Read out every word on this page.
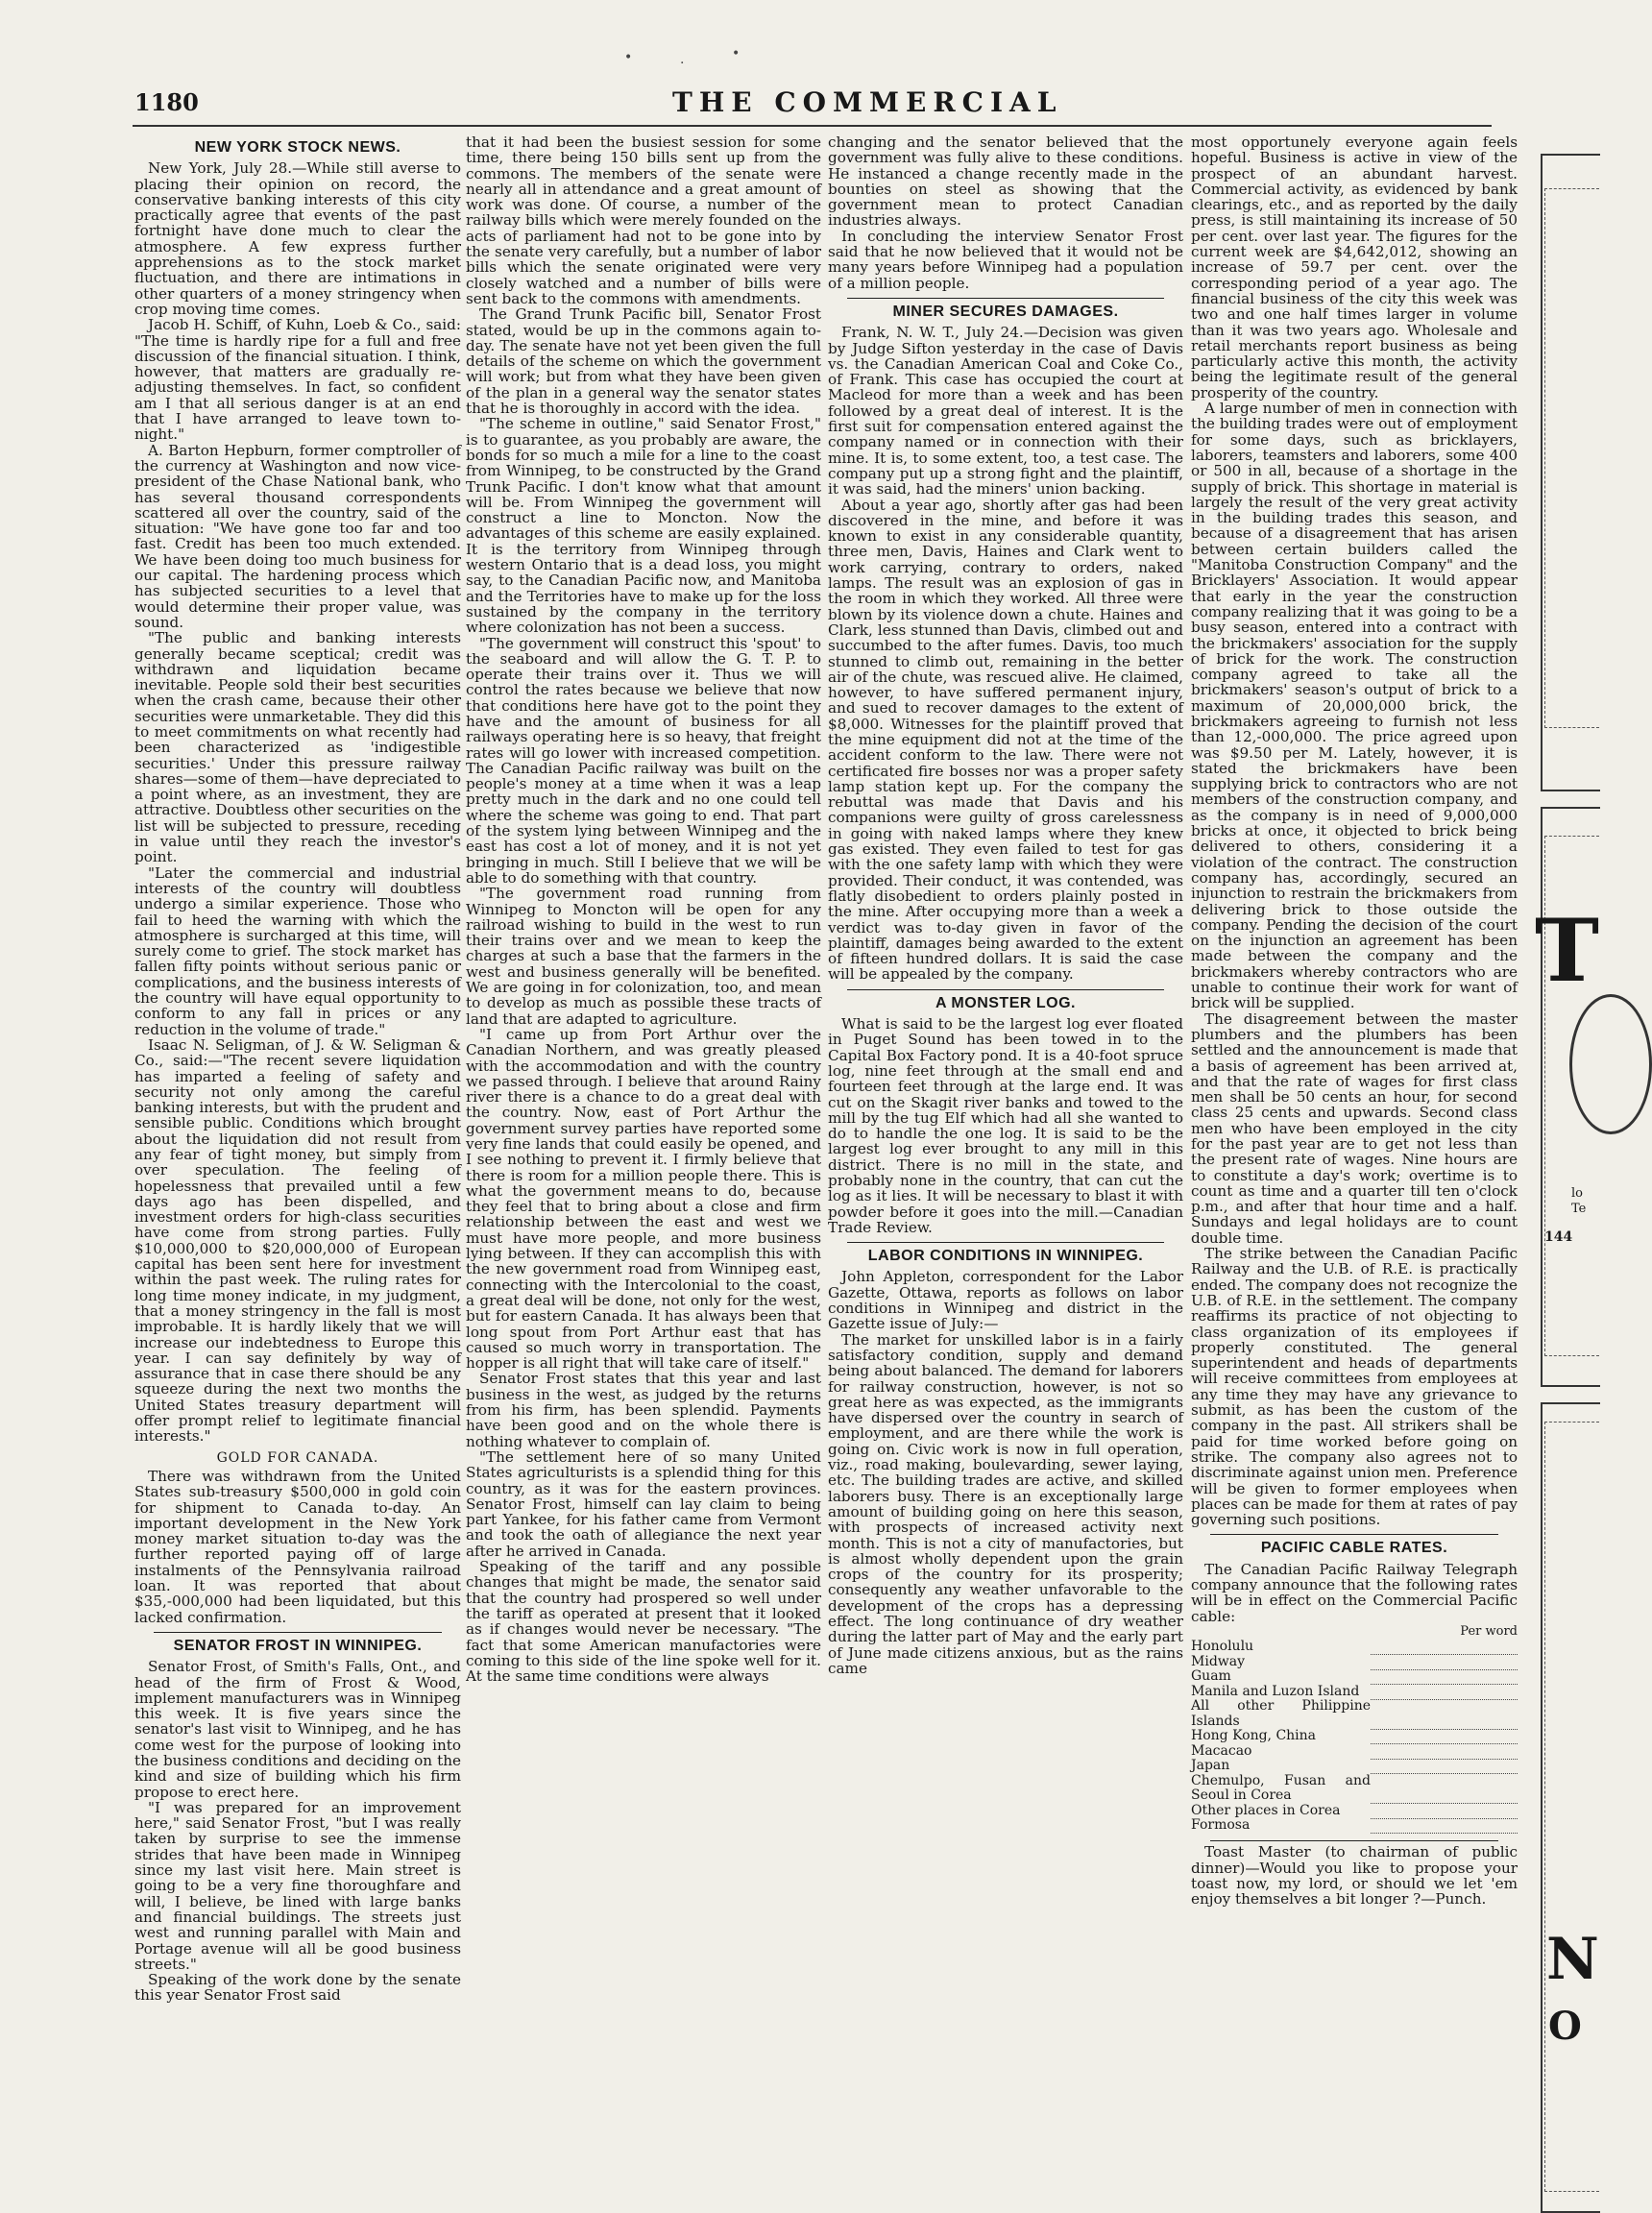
1180	THE COMMERCIAL
NEW YORK STOCK NEWS.

New York, July 28.—While still averse to placing their opinion on record, the conservative banking interests of this city practically agree that events of the past fortnight have done much to clear the atmosphere. A few express further apprehensions as to the stock market fluctuation, and there are intimations in other quarters of a money stringency when crop moving time comes.

Jacob H. Schiff, of Kuhn, Loeb & Co., said: "The time is hardly ripe for a full and free discussion of the financial situation. I think, however, that matters are gradually re-adjusting themselves. In fact, so confident am I that all serious danger is at an end that I have arranged to leave town to-night."

A. Barton Hepburn, former comptroller of the currency at Washington and now vice-president of the Chase National bank, who has several thousand correspondents scattered all over the country, said of the situation: "We have gone too far and too fast. Credit has been too much extended. We have been doing too much business for our capital. The hardening process which has subjected securities to a level that would determine their proper value, was sound.

"The public and banking interests generally became sceptical; credit was withdrawn and liquidation became inevitable. People sold their best securities when the crash came, because their other securities were unmarketable. They did this to meet commitments on what recently had been characterized as 'indigestible securities.' Under this pressure railway shares—some of them—have depreciated to a point where, as an investment, they are attractive. Doubtless other securities on the list will be subjected to pressure, receding in value until they reach the investor's point.

"Later the commercial and industrial interests of the country will doubtless undergo a similar experience. Those who fail to heed the warning with which the atmosphere is surcharged at this time, will surely come to grief. The stock market has fallen fifty points without serious panic or complications, and the business interests of the country will have equal opportunity to conform to any fall in prices or any reduction in the volume of trade."

Isaac N. Seligman, of J. & W. Seligman & Co., said:—"The recent severe liquidation has imparted a feeling of safety and security not only among the careful banking interests, but with the prudent and sensible public. Conditions which brought about the liquidation did not result from any fear of tight money, but simply from over speculation. The feeling of hopelessness that prevailed until a few days ago has been dispelled, and investment orders for high-class securities have come from strong parties. Fully $10,000,000 to $20,000,000 of European capital has been sent here for investment within the past week. The ruling rates for long time money indicate, in my judgment, that a money stringency in the fall is most improbable. It is hardly likely that we will increase our indebtedness to Europe this year. I can say definitely by way of assurance that in case there should be any squeeze during the next two months the United States treasury department will offer prompt relief to legitimate financial interests."

GOLD FOR CANADA.

There was withdrawn from the United States sub-treasury $500,000 in gold coin for shipment to Canada to-day. An important development in the New York money market situation to-day was the further reported paying off of large instalments of the Pennsylvania railroad loan. It was reported that about $35,-000,000 had been liquidated, but this lacked confirmation.

SENATOR FROST IN WINNIPEG.

Senator Frost, of Smith's Falls, Ont., and head of the firm of Frost & Wood, implement manufacturers was in Winnipeg this week. It is five years since the senator's last visit to Winnipeg, and he has come west for the purpose of looking into the business conditions and deciding on the kind and size of building which his firm propose to erect here.

"I was prepared for an improvement here," said Senator Frost, "but I was really taken by surprise to see the immense strides that have been made in Winnipeg since my last visit here. Main street is going to be a very fine thoroughfare and will, I believe, be lined with large banks and financial buildings. The streets just west and running parallel with Main and Portage avenue will all be good business streets."

Speaking of the work done by the senate this year Senator Frost said

that it had been the busiest session for some time, there being 150 bills sent up from the commons. The members of the senate were nearly all in attendance and a great amount of work was done. Of course, a number of the railway bills which were merely founded on the acts of parliament had not to be gone into by the senate very carefully, but a number of labor bills which the senate originated were very closely watched and a number of bills were sent back to the commons with amendments.

The Grand Trunk Pacific bill, Senator Frost stated, would be up in the commons again to-day. The senate have not yet been given the full details of the scheme on which the government will work; but from what they have been given of the plan in a general way the senator states that he is thoroughly in accord with the idea.

"The scheme in outline," said Senator Frost," is to guarantee, as you probably are aware, the bonds for so much a mile for a line to the coast from Winnipeg, to be constructed by the Grand Trunk Pacific. I don't know what that amount will be. From Winnipeg the government will construct a line to Moncton. Now the advantages of this scheme are easily explained. It is the territory from Winnipeg through western Ontario that is a dead loss, you might say, to the Canadian Pacific now, and Manitoba and the Territories have to make up for the loss sustained by the company in the territory where colonization has not been a success.

"The government will construct this 'spout' to the seaboard and will allow the G. T. P. to operate their trains over it. Thus we will control the rates because we believe that now that conditions here have got to the point they have and the amount of business for all railways operating here is so heavy, that freight rates will go lower with increased competition. The Canadian Pacific railway was built on the people's money at a time when it was a leap pretty much in the dark and no one could tell where the scheme was going to end. That part of the system lying between Winnipeg and the east has cost a lot of money, and it is not yet bringing in much. Still I believe that we will be able to do something with that country.

"The government road running from Winnipeg to Moncton will be open for any railroad wishing to build in the west to run their trains over and we mean to keep the charges at such a base that the farmers in the west and business generally will be benefited. We are going in for colonization, too, and mean to develop as much as possible these tracts of land that are adapted to agriculture.

"I came up from Port Arthur over the Canadian Northern, and was greatly pleased with the accommodation and with the country we passed through. I believe that around Rainy river there is a chance to do a great deal with the country. Now, east of Port Arthur the government survey parties have reported some very fine lands that could easily be opened, and I see nothing to prevent it. I firmly believe that there is room for a million people there. This is what the government means to do, because they feel that to bring about a close and firm relationship between the east and west we must have more people, and more business lying between. If they can accomplish this with the new government road from Winnipeg east, connecting with the Intercolonial to the coast, a great deal will be done, not only for the west, but for eastern Canada. It has always been that long spout from Port Arthur east that has caused so much worry in transportation. The hopper is all right that will take care of itself."

Senator Frost states that this year and last business in the west, as judged by the returns from his firm, has been splendid. Payments have been good and on the whole there is nothing whatever to complain of.

"The settlement here of so many United States agriculturists is a splendid thing for this country, as it was for the eastern provinces. Senator Frost, himself can lay claim to being part Yankee, for his father came from Vermont and took the oath of allegiance the next year after he arrived in Canada.

Speaking of the tariff and any possible changes that might be made, the senator said that the country had prospered so well under the tariff as operated at present that it looked as if changes would never be necessary. "The fact that some American manufactories were coming to this side of the line spoke well for it. At the same time conditions were always

changing and the senator believed that the government was fully alive to these conditions. He instanced a change recently made in the bounties on steel as showing that the government mean to protect Canadian industries always.

In concluding the interview Senator Frost said that he now believed that it would not be many years before Winnipeg had a population of a million people.

MINER SECURES DAMAGES.

Frank, N. W. T., July 24.—Decision was given by Judge Sifton yesterday in the case of Davis vs. the Canadian American Coal and Coke Co., of Frank. This case has occupied the court at Macleod for more than a week and has been followed by a great deal of interest. It is the first suit for compensation entered against the company named or in connection with their mine. It is, to some extent, too, a test case. The company put up a strong fight and the plaintiff, it was said, had the miners' union backing.

About a year ago, shortly after gas had been discovered in the mine, and before it was known to exist in any considerable quantity, three men, Davis, Haines and Clark went to work carrying, contrary to orders, naked lamps. The result was an explosion of gas in the room in which they worked. All three were blown by its violence down a chute. Haines and Clark, less stunned than Davis, climbed out and succumbed to the after fumes. Davis, too much stunned to climb out, remaining in the better air of the chute, was rescued alive. He claimed, however, to have suffered permanent injury, and sued to recover damages to the extent of $8,000. Witnesses for the plaintiff proved that the mine equipment did not at the time of the accident conform to the law. There were not certificated fire bosses nor was a proper safety lamp station kept up. For the company the rebuttal was made that Davis and his companions were guilty of gross carelessness in going with naked lamps where they knew gas existed. They even failed to test for gas with the one safety lamp with which they were provided. Their conduct, it was contended, was flatly disobedient to orders plainly posted in the mine. After occupying more than a week a verdict was to-day given in favor of the plaintiff, damages being awarded to the extent of fifteen hundred dollars. It is said the case will be appealed by the company.

A MONSTER LOG.

What is said to be the largest log ever floated in Puget Sound has been towed in to the Capital Box Factory pond. It is a 40-foot spruce log, nine feet through at the small end and fourteen feet through at the large end. It was cut on the Skagit river banks and towed to the mill by the tug Elf which had all she wanted to do to handle the one log. It is said to be the largest log ever brought to any mill in this district. There is no mill in the state, and probably none in the country, that can cut the log as it lies. It will be necessary to blast it with powder before it goes into the mill.—Canadian Trade Review.

LABOR CONDITIONS IN WINNIPEG.

John Appleton, correspondent for the Labor Gazette, Ottawa, reports as follows on labor conditions in Winnipeg and district in the Gazette issue of July:—

The market for unskilled labor is in a fairly satisfactory condition, supply and demand being about balanced. The demand for laborers for railway construction, however, is not so great here as was expected, as the immigrants have dispersed over the country in search of employment, and are there while the work is going on. Civic work is now in full operation, viz., road making, boulevarding, sewer laying, etc. The building trades are active, and skilled laborers busy. There is an exceptionally large amount of building going on here this season, with prospects of increased activity next month. This is not a city of manufactories, but is almost wholly dependent upon the grain crops of the country for its prosperity; consequently any weather unfavorable to the development of the crops has a depressing effect. The long continuance of dry weather during the latter part of May and the early part of June made citizens anxious, but as the rains came

most opportunely everyone again feels hopeful. Business is active in view of the prospect of an abundant harvest. Commercial activity, as evidenced by bank clearings, etc., and as reported by the daily press, is still maintaining its increase of 50 per cent. over last year. The figures for the current week are $4,642,012, showing an increase of 59.7 per cent. over the corresponding period of a year ago. The financial business of the city this week was two and one half times larger in volume than it was two years ago. Wholesale and retail merchants report business as being particularly active this month, the activity being the legitimate result of the general prosperity of the country.

A large number of men in connection with the building trades were out of employment for some days, such as bricklayers, laborers, teamsters and laborers, some 400 or 500 in all, because of a shortage in the supply of brick. This shortage in material is largely the result of the very great activity in the building trades this season, and because of a disagreement that has arisen between certain builders called the "Manitoba Construction Company" and the Bricklayers' Association. It would appear that early in the year the construction company realizing that it was going to be a busy season, entered into a contract with the brickmakers' association for the supply of brick for the work. The construction company agreed to take all the brickmakers' season's output of brick to a maximum of 20,000,000 brick, the brickmakers agreeing to furnish not less than 12,-000,000. The price agreed upon was $9.50 per M. Lately, however, it is stated the brickmakers have been supplying brick to contractors who are not members of the construction company, and as the company is in need of 9,000,000 bricks at once, it objected to brick being delivered to others, considering it a violation of the contract. The construction company has, accordingly, secured an injunction to restrain the brickmakers from delivering brick to those outside the company. Pending the decision of the court on the injunction an agreement has been made between the company and the brickmakers whereby contractors who are unable to continue their work for want of brick will be supplied.

The disagreement between the master plumbers and the plumbers has been settled and the announcement is made that a basis of agreement has been arrived at, and that the rate of wages for first class men shall be 50 cents an hour, for second class 25 cents and upwards. Second class men who have been employed in the city for the past year are to get not less than the present rate of wages. Nine hours are to constitute a day's work; overtime is to count as time and a quarter till ten o'clock p.m., and after that hour time and a half. Sundays and legal holidays are to count double time.

The strike between the Canadian Pacific Railway and the U.B. of R.E. is practically ended. The company does not recognize the U.B. of R.E. in the settlement. The company reaffirms its practice of not objecting to class organization of its employees if properly constituted. The general superintendent and heads of departments will receive committees from employees at any time they may have any grievance to submit, as has been the custom of the company in the past. All strikers shall be paid for time worked before going on strike. The company also agrees not to discriminate against union men. Preference will be given to former employees when places can be made for them at rates of pay governing such positions.

PACIFIC CABLE RATES.

The Canadian Pacific Railway Telegraph company announce that the following rates will be in effect on the Commercial Pacific cable:

Per word
Honolulu	
Midway	
Guam	
Manila and Luzon Island	
All other Philippine Islands	
Hong Kong, China	
Macacao	
Japan	
Chemulpo, Fusan and Seoul in Corea	
Other places in Corea	
Formosa	

Toast Master (to chairman of public dinner)—Would you like to propose your toast now, my lord, or should we let 'em enjoy themselves a bit longer ?—Punch.

T
lo
Te
144
N
O
•	•
·
